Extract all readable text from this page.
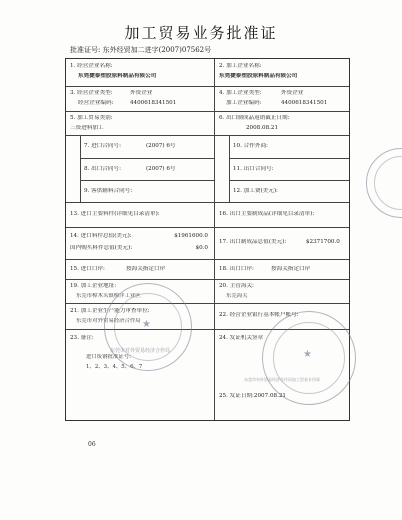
加工贸易业务批准证
批准证号: 东外经贸加二进字(2007)07562号
1. 经营企业名称:
东莞捷泰塑胶原料制品有限公司
2. 加工企业名称:
东莞捷泰塑胶原料制品有限公司
3. 经营企业类型:	外资企业
经营企业编码:	4400618341501
4. 加工企业类型:	外资企业
加工企业编码:	4400618341501
5. 加工贸易类别:
三资进料加工
6. 出口制成品返销截止日期:
2008.08.21
7. 进口合同号:	(2007) 6号	10. 合作外商:
8. 出口合同号:	(2007) 6号	11. 出口合同号:
9. 客供辅料合同号:	12. 加工费(美元):
13. 进口主要料件(详细见目录清单):	16. 出口主要制成品(详细见目录清单):
14. 进口料件总值(美元):	$1961600.0
国内购买料件总值(美元):	$0.0
17. 出口制成品总值(美元):	$2371700.0
15. 进口口岸:	按海关指定口岸	18. 出口口岸:	按海关指定口岸
19. 加工企业地址:
东莞市樟木头镇樟洋工业区
20. 主管海关:
东莞海关
21. 加工企业生产能力审查单位:
东莞市对外贸易经济合作局
22. 经营企业银行基本帐户帐号:
23. 备注:
进口废钢批准证号:
1、2、3、4、5、6、7
24. 发证机关签章
25. 发证日期:2007.08.21
★
东莞市对外贸易经济合作局	★
东莞市对外贸易经济合作局加工贸易专用章
06
